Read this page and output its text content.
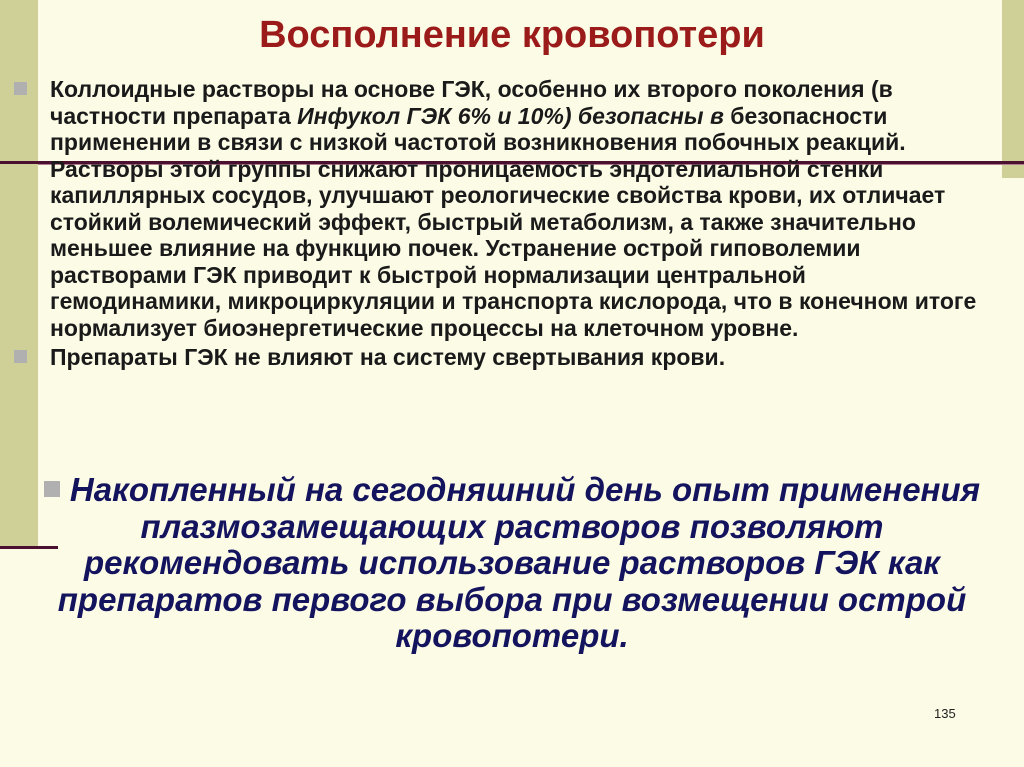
Восполнение кровопотери
Коллоидные растворы на основе ГЭК, особенно их второго поколения (в частности препарата Инфукол ГЭК 6% и 10%) безопасны в безопасности применении в связи с низкой частотой возникновения побочных реакций. Растворы этой группы снижают проницаемость эндотелиальной стенки капиллярных сосудов, улучшают реологические свойства крови, их отличает стойкий волемический эффект, быстрый метаболизм, а также значительно меньшее влияние на функцию почек. Устранение острой гиповолемии растворами ГЭК приводит к быстрой нормализации центральной гемодинамики, микроциркуляции и транспорта кислорода, что в конечном итоге нормализует биоэнергетические процессы на клеточном уровне.
Препараты ГЭК не влияют на систему свертывания крови.
Накопленный на сегодняшний день опыт применения плазмозамещающих растворов позволяют рекомендовать использование растворов ГЭК как препаратов первого выбора при возмещении острой кровопотери.
135
